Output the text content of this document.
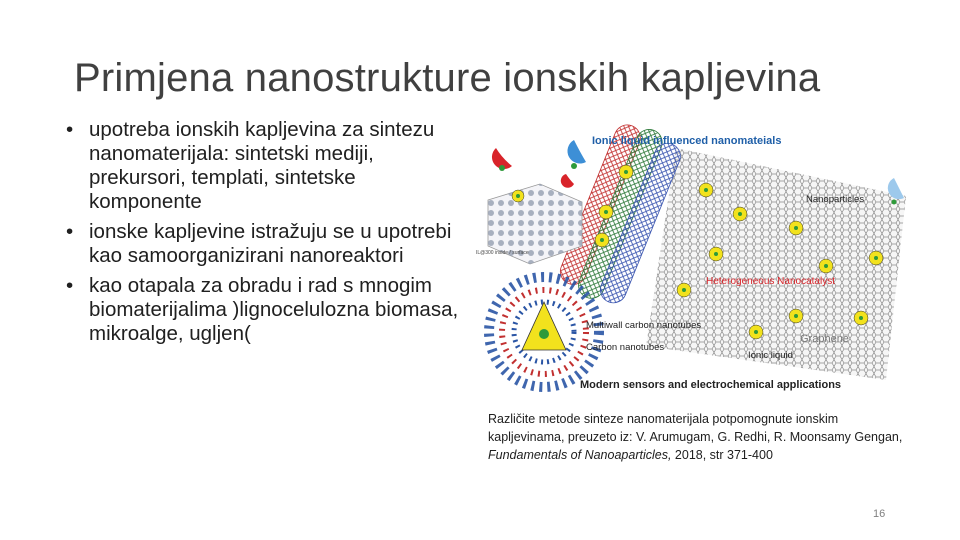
Primjena nanostrukture ionskih kapljevina
• upotreba ionskih kapljevina za sintezu nanomaterijala: sintetski mediji, prekursori, templati, sintetske komponente
• ionske kapljevine istražuju se u upotrebi kao samoorganizirani nanoreaktori
• kao otapala za obradu i rad s mnogim biomaterijalima )lignocelulozna biomasa, mikroalge, ugljen(
IL@300 inside / surface
Ionic liquid influenced nanomateials
Nanoparticles
Heterogeneous Nanocatalyst
Multiwall carbon nanotubes
Carbon nanotubes
Graphene
Ionic liquid
Modern sensors and electrochemical applications
Različite metode sinteze nanomaterijala potpomognute ionskim kapljevinama, preuzeto iz: V. Arumugam, G. Redhi, R. Moonsamy Gengan, Fundamentals of Nanoaparticles, 2018, str 371-400
16
